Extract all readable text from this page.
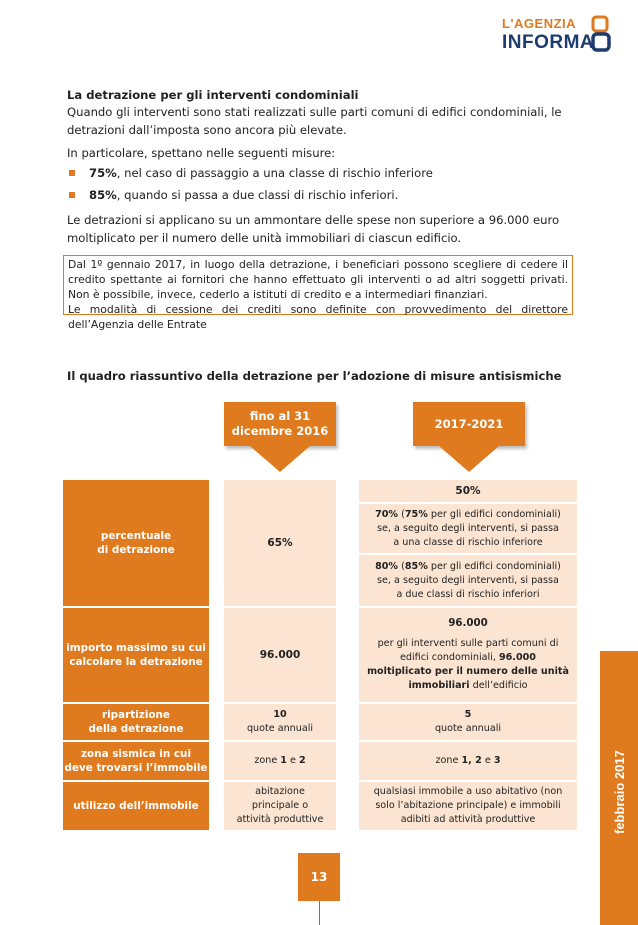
L'AGENZIA
INFORMA
La detrazione per gli interventi condominiali
Quando gli interventi sono stati realizzati sulle parti comuni di edifici condominiali, le detrazioni dall’imposta sono ancora più elevate.
In particolare, spettano nelle seguenti misure:
75%, nel caso di passaggio a una classe di rischio inferiore
85%, quando si passa a due classi di rischio inferiori.
Le detrazioni si applicano su un ammontare delle spese non superiore a 96.000 euro moltiplicato per il numero delle unità immobiliari di ciascun edificio.
Dal 1º gennaio 2017, in luogo della detrazione, i beneficiari possono scegliere di cedere il credito spettante ai fornitori che hanno effettuato gli interventi o ad altri soggetti privati. Non è possibile, invece, cederlo a istituti di credito e a intermediari finanziari.
Le modalità di cessione dei crediti sono definite con provvedimento del direttore dell’Agenzia delle Entrate
Il quadro riassuntivo della detrazione per l’adozione di misure antisismiche
fino al 31
dicembre 2016
2017-2021
percentuale
di detrazione
65%
50%
70% (75% per gli edifici condominiali)
se, a seguito degli interventi, si passa
a una classe di rischio inferiore
80% (85% per gli edifici condominiali)
se, a seguito degli interventi, si passa
a due classi di rischio inferiori
importo massimo su cui
calcolare la detrazione
96.000
96.000
per gli interventi sulle parti comuni di
edifici condominiali, 96.000
moltiplicato per il numero delle unità
immobiliari dell’edificio
ripartizione
della detrazione
10
quote annuali
5
quote annuali
zona sismica in cui
deve trovarsi l’immobile
zone 1 e 2	zone 1, 2 e 3
utilizzo dell’immobile
abitazione
principale o
attività produttive
qualsiasi immobile a uso abitativo (non
solo l’abitazione principale) e immobili
adibiti ad attività produttive
13
febbraio 2017
